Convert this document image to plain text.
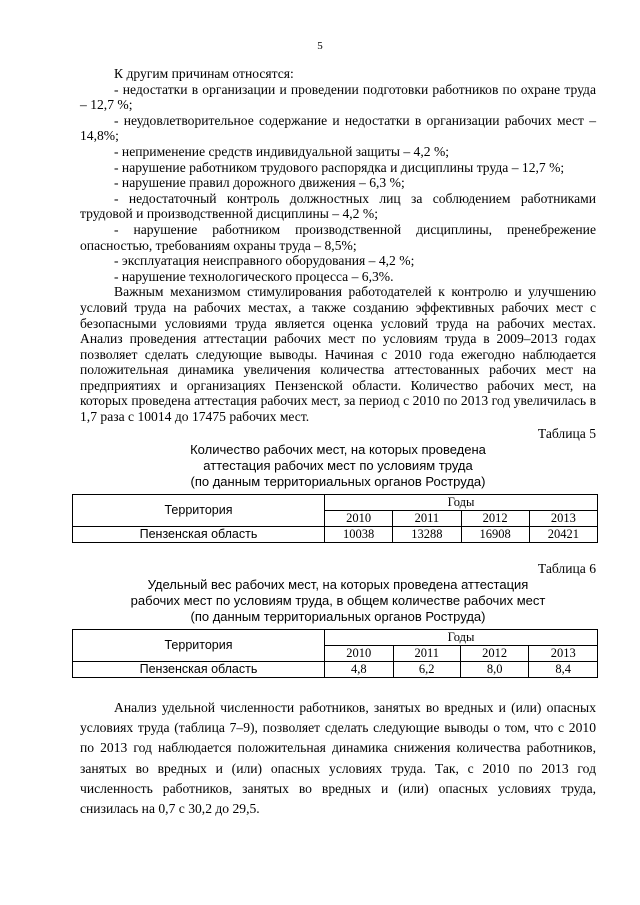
5

К другим причинам относятся:

- недостатки в организации и проведении подготовки работников по охране труда – 12,7 %;

- неудовлетворительное содержание и недостатки в организации рабочих мест – 14,8%;

- неприменение средств индивидуальной защиты – 4,2 %;

- нарушение работником трудового распорядка и дисциплины труда – 12,7 %;

- нарушение правил дорожного движения – 6,3 %;

- недостаточный контроль должностных лиц за соблюдением работниками трудовой и производственной дисциплины – 4,2 %;

- нарушение работником производственной дисциплины, пренебрежение опасностью, требованиям охраны труда – 8,5%;

- эксплуатация неисправного оборудования – 4,2 %;

- нарушение технологического процесса – 6,3%.

Важным механизмом стимулирования работодателей к контролю и улучшению условий труда на рабочих местах, а также созданию эффективных рабочих мест с безопасными условиями труда является оценка условий труда на рабочих местах. Анализ проведения аттестации рабочих мест по условиям труда в 2009–2013 годах позволяет сделать следующие выводы. Начиная с 2010 года ежегодно наблюдается положительная динамика увеличения количества аттестованных рабочих мест на предприятиях и организациях Пензенской области. Количество рабочих мест, на которых проведена аттестация рабочих мест, за период с 2010 по 2013 год увеличилась в 1,7 раза с 10014 до 17475 рабочих мест.

Таблица 5
Количество рабочих мест, на которых проведена
аттестация рабочих мест по условиям труда
(по данным территориальных органов Роструда)
Территория	Годы			
	2010	2011	2012	2013
Пензенская область	10038	13288	16908	20421
Таблица 6
Удельный вес рабочих мест, на которых проведена аттестация
рабочих мест по условиям труда, в общем количестве рабочих мест
(по данным территориальных органов Роструда)
Территория	Годы			
	2010	2011	2012	2013
Пензенская область	4,8	6,2	8,0	8,4

Анализ удельной численности работников, занятых во вредных и (или) опасных условиях труда (таблица 7–9), позволяет сделать следующие выводы о том, что с 2010 по 2013 год наблюдается положительная динамика снижения количества работников, занятых во вредных и (или) опасных условиях труда. Так, с 2010 по 2013 год численность работников, занятых во вредных и (или) опасных условиях труда, снизилась на 0,7 с 30,2 до 29,5.
